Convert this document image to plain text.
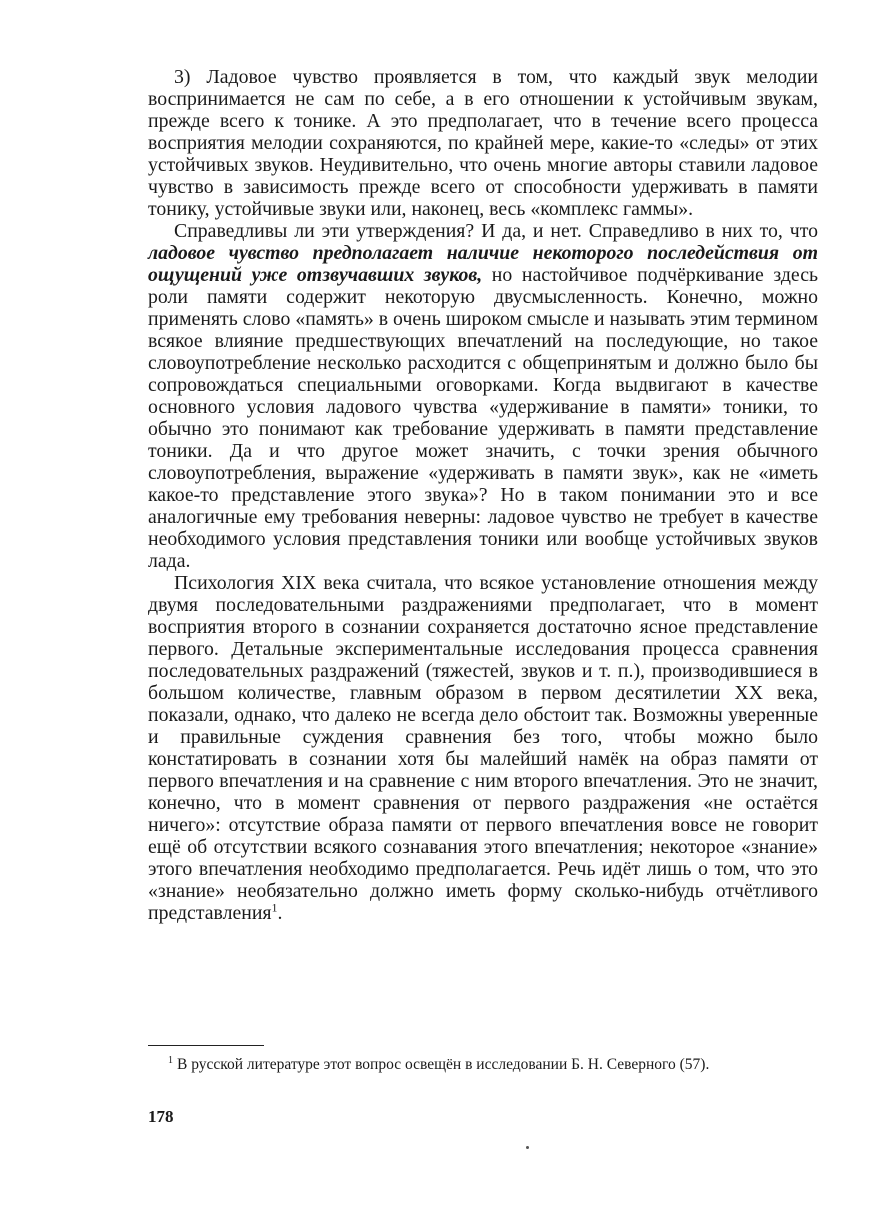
3) Ладовое чувство проявляется в том, что каждый звук мелодии воспринимается не сам по себе, а в его отношении к устойчивым звукам, прежде всего к тонике. А это предполагает, что в течение всего процесса восприятия мелодии сохраняются, по крайней мере, какие-то «следы» от этих устойчивых звуков. Неудивительно, что очень многие авторы ставили ладовое чувство в зависимость прежде всего от способности удерживать в памяти тонику, устойчивые звуки или, наконец, весь «комплекс гаммы».

Справедливы ли эти утверждения? И да, и нет. Справедливо в них то, что ладовое чувство предполагает наличие некоторого последействия от ощущений уже отзвучавших звуков, но настойчивое подчёркивание здесь роли памяти содержит некоторую двусмысленность. Конечно, можно применять слово «память» в очень широком смысле и называть этим термином всякое влияние предшествующих впечатлений на последующие, но такое словоупотребление несколько расходится с общепринятым и должно было бы сопровождаться специальными оговорками. Когда выдвигают в качестве основного условия ладового чувства «удерживание в памяти» тоники, то обычно это понимают как требование удерживать в памяти представление тоники. Да и что другое может значить, с точки зрения обычного словоупотребления, выражение «удерживать в памяти звук», как не «иметь какое-то представление этого звука»? Но в таком понимании это и все аналогичные ему требования неверны: ладовое чувство не требует в качестве необходимого условия представления тоники или вообще устойчивых звуков лада.

Психология XIX века считала, что всякое установление отношения между двумя последовательными раздражениями предполагает, что в момент восприятия второго в сознании сохраняется достаточно ясное представление первого. Детальные экспериментальные исследования процесса сравнения последовательных раздражений (тяжестей, звуков и т. п.), производившиеся в большом количестве, главным образом в первом десятилетии XX века, показали, однако, что далеко не всегда дело обстоит так. Возможны уверенные и правильные суждения сравнения без того, чтобы можно было констатировать в сознании хотя бы малейший намёк на образ памяти от первого впечатления и на сравнение с ним второго впечатления. Это не значит, конечно, что в момент сравнения от первого раздражения «не остаётся ничего»: отсутствие образа памяти от первого впечатления вовсе не говорит ещё об отсутствии всякого сознавания этого впечатления; некоторое «знание» этого впечатления необходимо предполагается. Речь идёт лишь о том, что это «знание» необязательно должно иметь форму сколько-нибудь отчётливого представления$^1$.

$^1$ В русской литературе этот вопрос освещён в исследовании Б. Н. Северного (57).

178
